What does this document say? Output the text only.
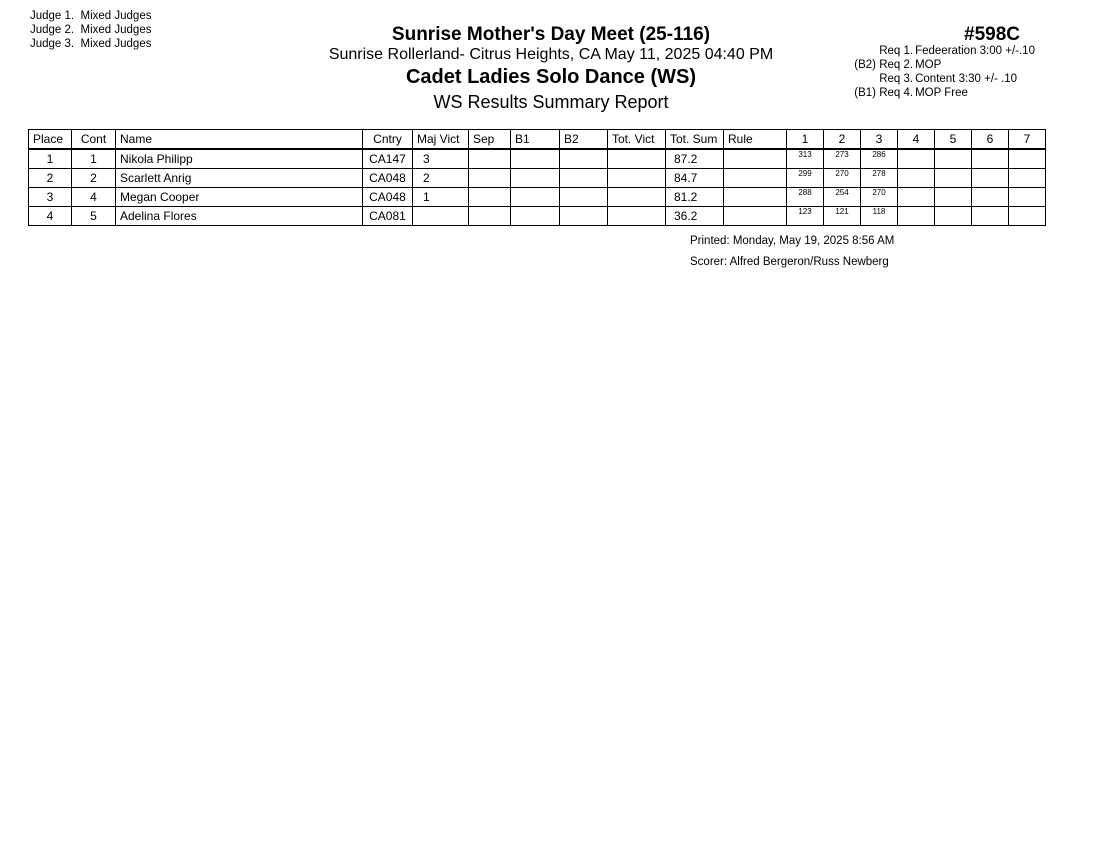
Judge 1. Mixed Judges
Judge 2. Mixed Judges
Judge 3. Mixed Judges	Sunrise Mother's Day Meet (25-116)
Sunrise Rollerland- Citrus Heights, CA May 11, 2025 04:40 PM
Cadet Ladies Solo Dance (WS)
WS Results Summary Report
#598C
Req 1. Fedeeration 3:00 +/-.10
(B2) Req 2. MOP
Req 3. Content 3:30 +/- .10
(B1) Req 4. MOP Free
Place	Cont	Name	Cntry	Maj Vict	Sep	B1	B2	Tot. Vict	Tot. Sum	Rule	1	2	3	4	5	6	7
1	1	Nikola Philipp	CA147	3					87.2		313	273	286				
2	2	Scarlett Anrig	CA048	2					84.7		299	270	278				
3	4	Megan Cooper	CA048	1					81.2		288	254	270				
4	5	Adelina Flores	CA081						36.2		123	121	118				
Printed: Monday, May 19, 2025 8:56 AM
Scorer: Alfred Bergeron/Russ Newberg
